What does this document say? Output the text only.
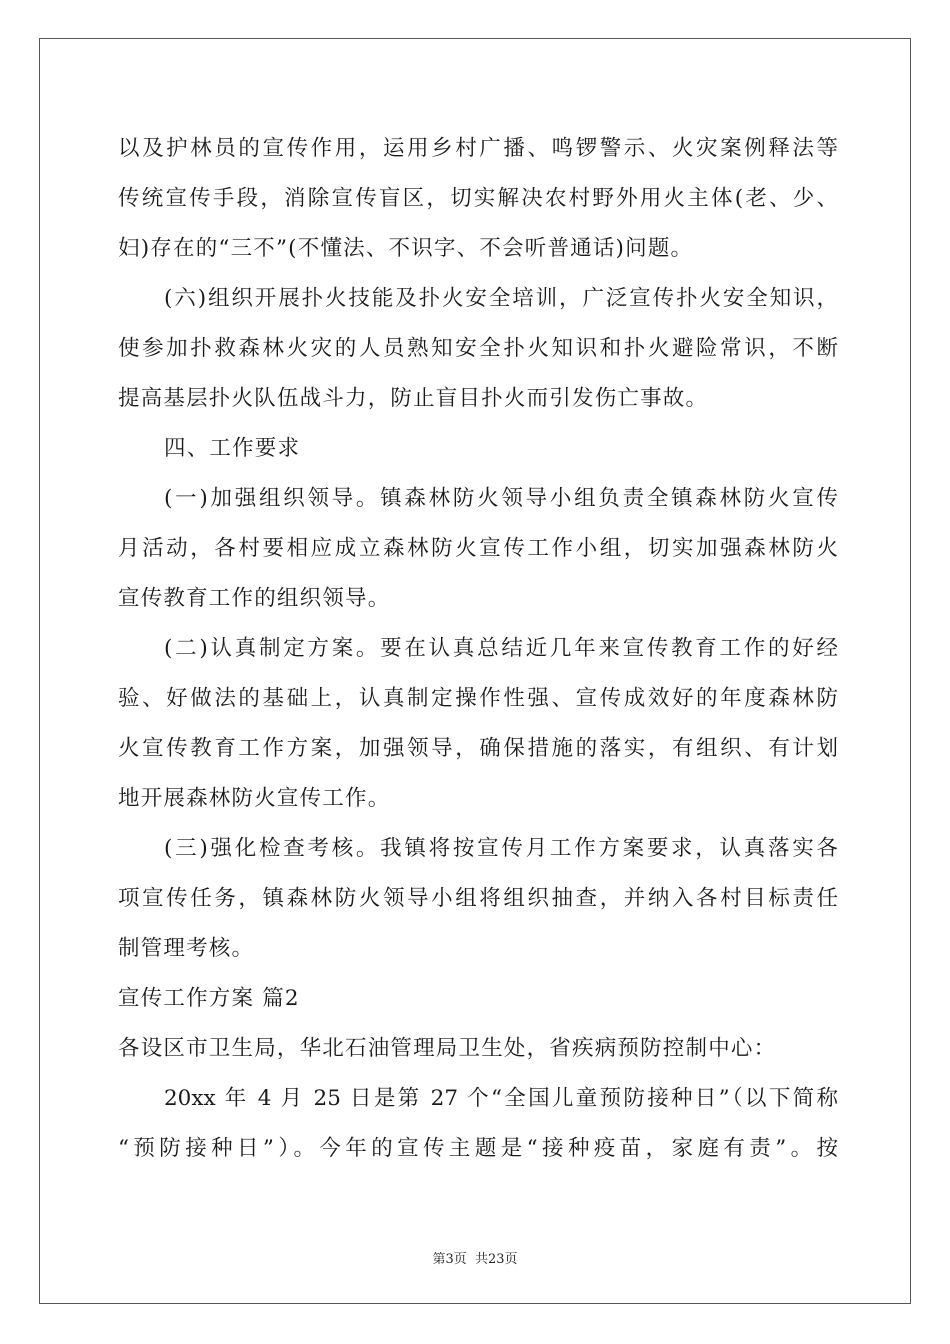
以及护林员的宣传作用，运用乡村广播、鸣锣警示、火灾案例释法等
传统宣传手段，消除宣传盲区，切实解决农村野外用火主体(老、少、
妇)存在的“三不”(不懂法、不识字、不会听普通话)问题。
(六)组织开展扑火技能及扑火安全培训，广泛宣传扑火安全知识，
使参加扑救森林火灾的人员熟知安全扑火知识和扑火避险常识，不断
提高基层扑火队伍战斗力，防止盲目扑火而引发伤亡事故。
四、工作要求
(一)加强组织领导。镇森林防火领导小组负责全镇森林防火宣传
月活动，各村要相应成立森林防火宣传工作小组，切实加强森林防火
宣传教育工作的组织领导。
(二)认真制定方案。要在认真总结近几年来宣传教育工作的好经
验、好做法的基础上，认真制定操作性强、宣传成效好的年度森林防
火宣传教育工作方案，加强领导，确保措施的落实，有组织、有计划
地开展森林防火宣传工作。
(三)强化检查考核。我镇将按宣传月工作方案要求，认真落实各
项宣传任务，镇森林防火领导小组将组织抽查，并纳入各村目标责任
制管理考核。
宣传工作方案 篇2
各设区市卫生局，华北石油管理局卫生处，省疾病预防控制中心：
20xx 年 4 月 25 日是第 27 个“全国儿童预防接种日”（以下简称
“预防接种日”）。今年的宣传主题是“接种疫苗，家庭有责”。按
第3页 共23页
